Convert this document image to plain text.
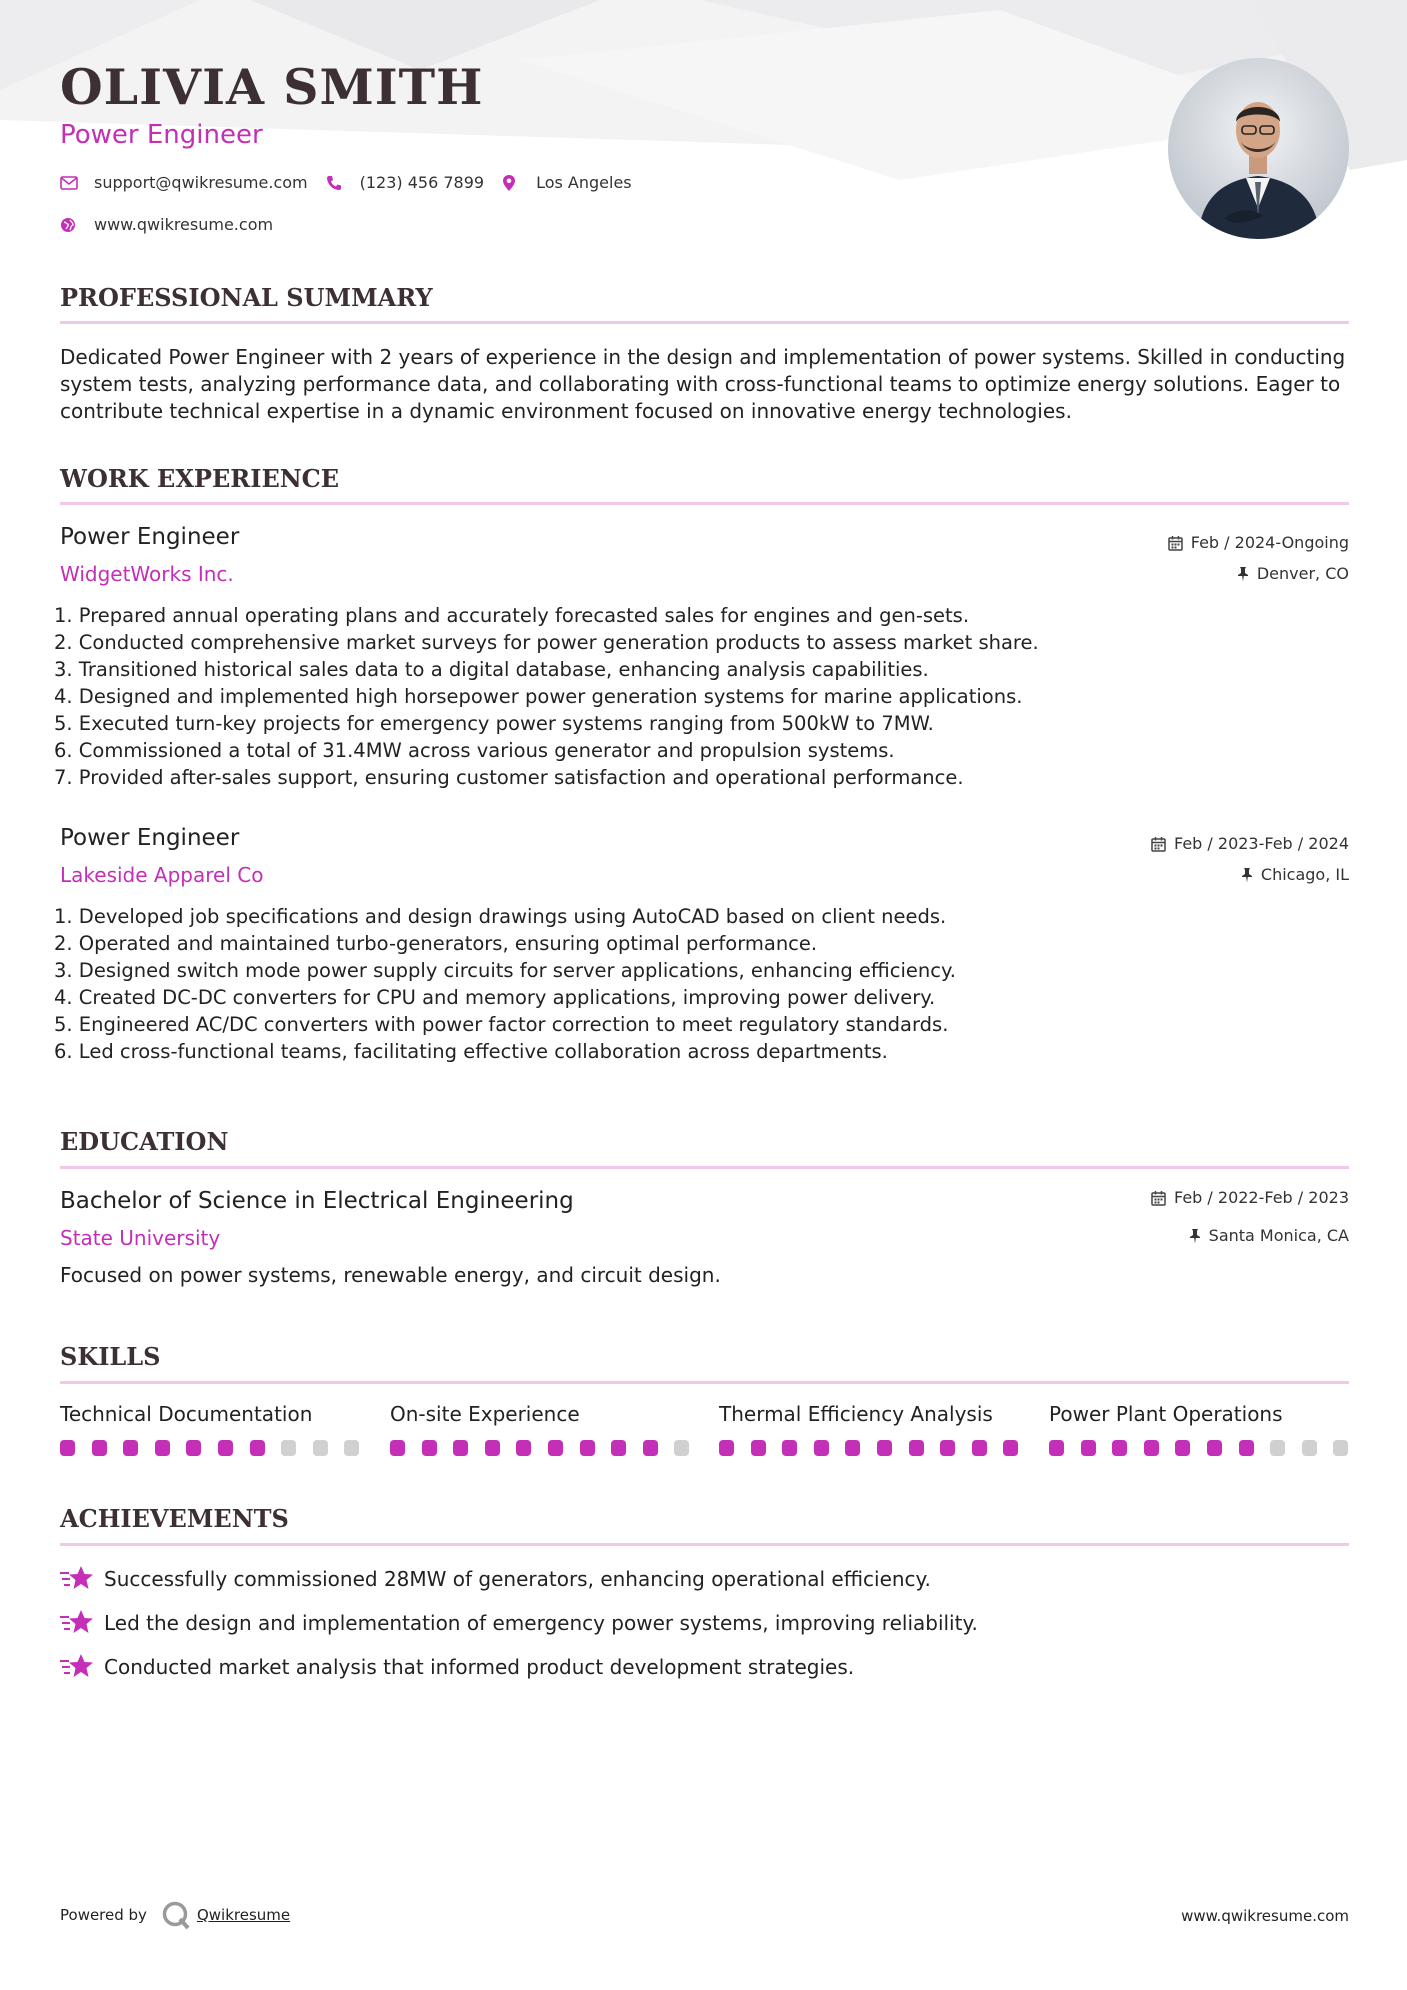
OLIVIA SMITH
Power Engineer
support@qwikresume.com	(123) 456 7899	Los Angeles
www.qwikresume.com
PROFESSIONAL SUMMARY
Dedicated Power Engineer with 2 years of experience in the design and implementation of power systems. Skilled in conducting system tests, analyzing performance data, and collaborating with cross-functional teams to optimize energy solutions. Eager to contribute technical expertise in a dynamic environment focused on innovative energy technologies.
WORK EXPERIENCE
Power Engineer
WidgetWorks Inc.
Feb / 2024-Ongoing
Denver, CO
1. Prepared annual operating plans and accurately forecasted sales for engines and gen-sets.
2. Conducted comprehensive market surveys for power generation products to assess market share.
3. Transitioned historical sales data to a digital database, enhancing analysis capabilities.
4. Designed and implemented high horsepower power generation systems for marine applications.
5. Executed turn-key projects for emergency power systems ranging from 500kW to 7MW.
6. Commissioned a total of 31.4MW across various generator and propulsion systems.
7. Provided after-sales support, ensuring customer satisfaction and operational performance.
Power Engineer
Lakeside Apparel Co
Feb / 2023-Feb / 2024
Chicago, IL
1. Developed job specifications and design drawings using AutoCAD based on client needs.
2. Operated and maintained turbo-generators, ensuring optimal performance.
3. Designed switch mode power supply circuits for server applications, enhancing efficiency.
4. Created DC-DC converters for CPU and memory applications, improving power delivery.
5. Engineered AC/DC converters with power factor correction to meet regulatory standards.
6. Led cross-functional teams, facilitating effective collaboration across departments.
EDUCATION
Bachelor of Science in Electrical Engineering
State University
Feb / 2022-Feb / 2023
Santa Monica, CA
Focused on power systems, renewable energy, and circuit design.
SKILLS
Technical Documentation	On-site Experience	Thermal Efficiency Analysis	Power Plant Operations
ACHIEVEMENTS
Successfully commissioned 28MW of generators, enhancing operational efficiency.
Led the design and implementation of emergency power systems, improving reliability.
Conducted market analysis that informed product development strategies.
Powered by	Qwikresume	www.qwikresume.com
